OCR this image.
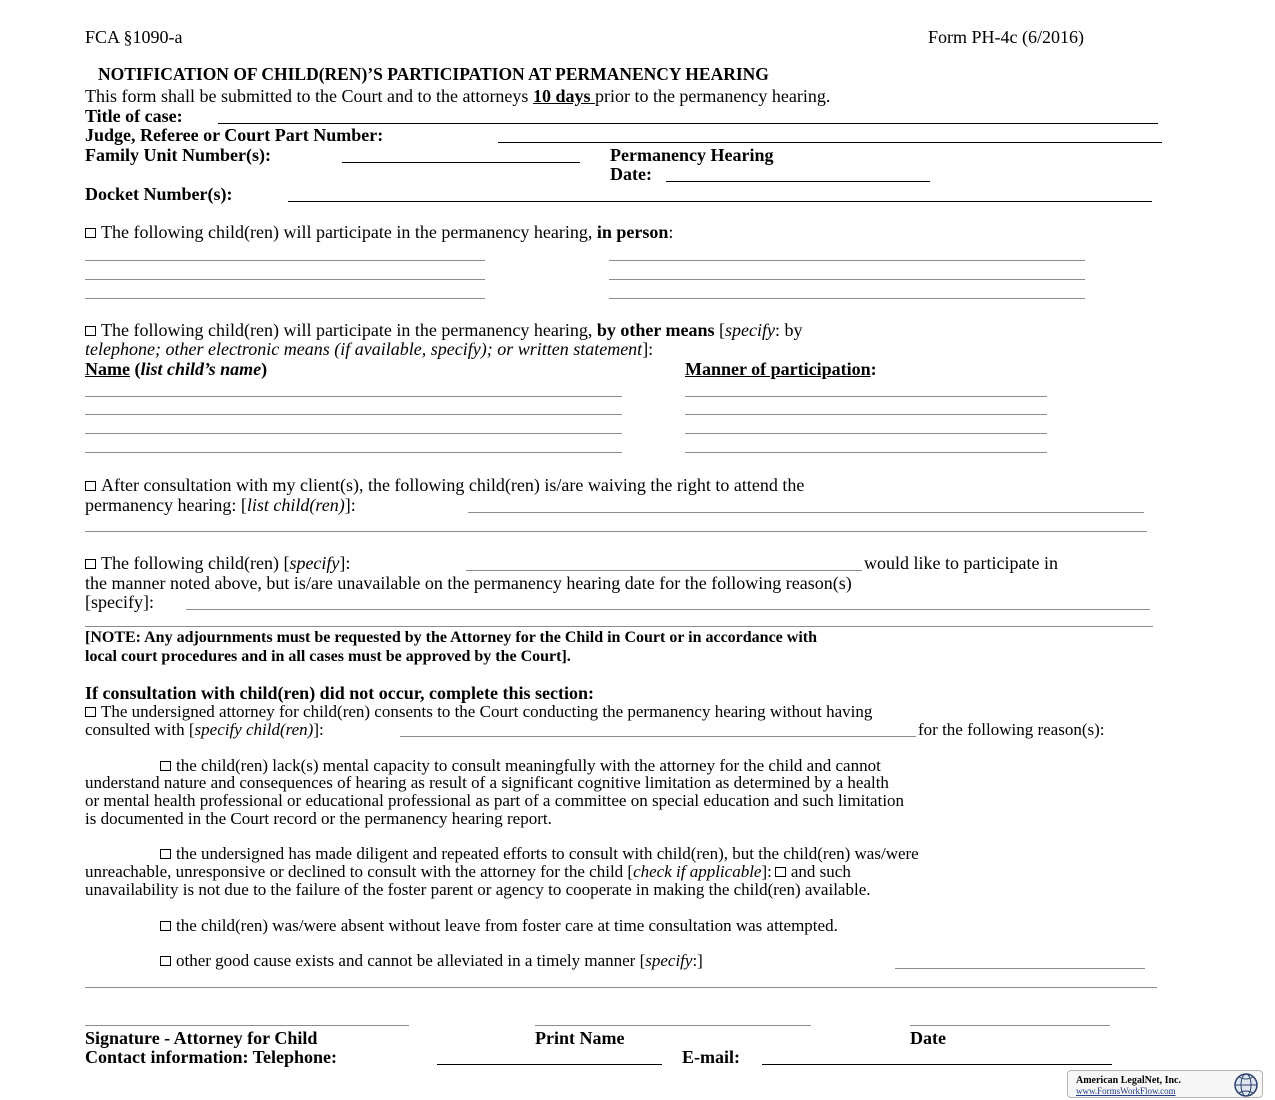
FCA §1090-a	Form PH-4c (6/2016)
NOTIFICATION OF CHILD(REN)’S PARTICIPATION AT PERMANENCY HEARING
This form shall be submitted to the Court and to the attorneys 10 days prior to the permanency hearing.
Title of case:
Judge, Referee or Court Part Number:
Family Unit Number(s):	Permanency Hearing
Date:
Docket Number(s):
The following child(ren) will participate in the permanency hearing, in person:
The following child(ren) will participate in the permanency hearing, by other means [specify: by
telephone; other electronic means (if available, specify); or written statement]:
Name (list child’s name)	Manner of participation:
After consultation with my client(s), the following child(ren) is/are waiving the right to attend the
permanency hearing: [list child(ren)]:
The following child(ren) [specify]:	would like to participate in
the manner noted above, but is/are unavailable on the permanency hearing date for the following reason(s)
[specify]:
[NOTE: Any adjournments must be requested by the Attorney for the Child in Court or in accordance with
local court procedures and in all cases must be approved by the Court].
If consultation with child(ren) did not occur, complete this section:
The undersigned attorney for child(ren) consents to the Court conducting the permanency hearing without having
consulted with [specify child(ren)]:	for the following reason(s):
the child(ren) lack(s) mental capacity to consult meaningfully with the attorney for the child and cannot
understand nature and consequences of hearing as result of a significant cognitive limitation as determined by a health
or mental health professional or educational professional as part of a committee on special education and such limitation
is documented in the Court record or the permanency hearing report.
the undersigned has made diligent and repeated efforts to consult with child(ren), but the child(ren) was/were
unreachable, unresponsive or declined to consult with the attorney for the child [check if applicable]: and such
unavailability is not due to the failure of the foster parent or agency to cooperate in making the child(ren) available.
the child(ren) was/were absent without leave from foster care at time consultation was attempted.
other good cause exists and cannot be alleviated in a timely manner [specify:]
Signature - Attorney for Child	Print Name	Date
Contact information: Telephone:	E-mail:
American LegalNet, Inc.
www.FormsWorkFlow.com
